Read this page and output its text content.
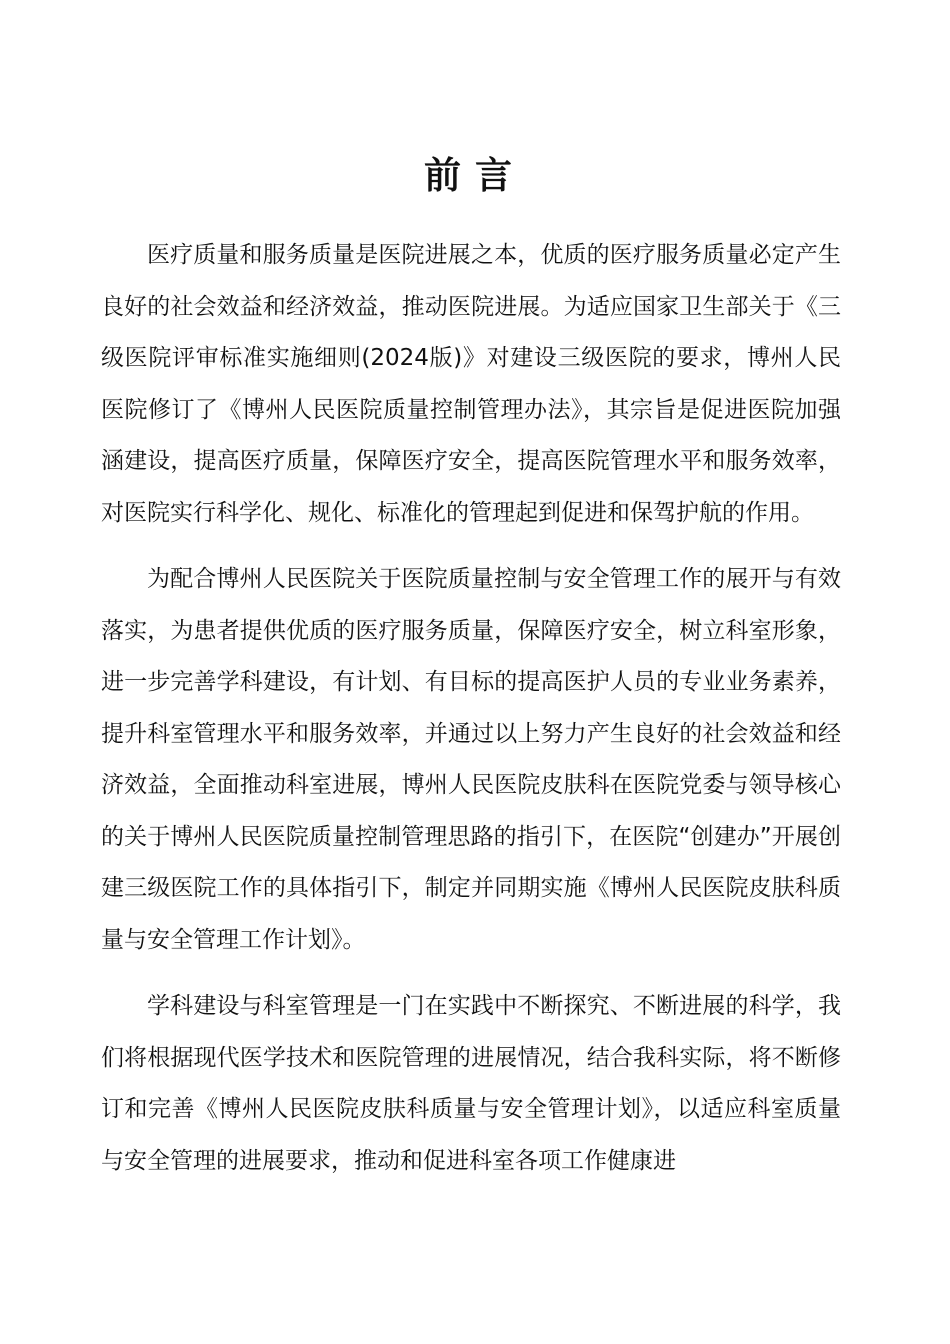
前言

医疗质量和服务质量是医院进展之本，优质的医疗服务质量必定产生良好的社会效益和经济效益，推动医院进展。为适应国家卫生部关于《三级医院评审标准实施细则(2024版)》对建设三级医院的要求，博州人民医院修订了《博州人民医院质量控制管理办法》，其宗旨是促进医院加强涵建设，提高医疗质量，保障医疗安全，提高医院管理水平和服务效率，对医院实行科学化、规化、标准化的管理起到促进和保驾护航的作用。

为配合博州人民医院关于医院质量控制与安全管理工作的展开与有效落实，为患者提供优质的医疗服务质量，保障医疗安全，树立科室形象，进一步完善学科建设，有计划、有目标的提高医护人员的专业业务素养，提升科室管理水平和服务效率，并通过以上努力产生良好的社会效益和经济效益，全面推动科室进展，博州人民医院皮肤科在医院党委与领导核心的关于博州人民医院质量控制管理思路的指引下，在医院“创建办”开展创建三级医院工作的具体指引下，制定并同期实施《博州人民医院皮肤科质量与安全管理工作计划》。

学科建设与科室管理是一门在实践中不断探究、不断进展的科学，我们将根据现代医学技术和医院管理的进展情况，结合我科实际，将不断修订和完善《博州人民医院皮肤科质量与安全管理计划》，以适应科室质量与安全管理的进展要求，推动和促进科室各项工作健康进
